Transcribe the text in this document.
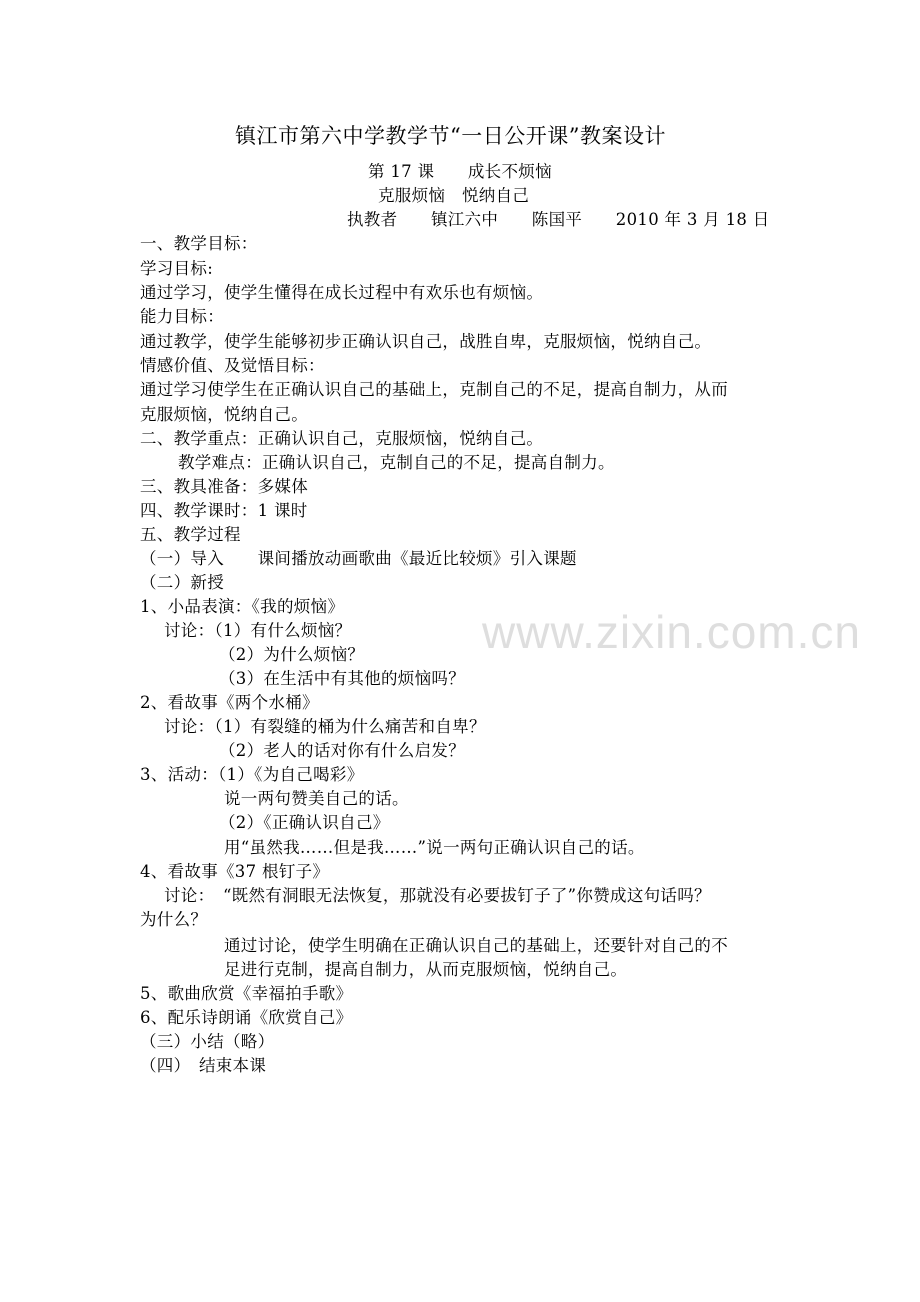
镇江市第六中学教学节“一日公开课”教案设计
第 17 课　　成长不烦恼
克服烦恼　悦纳自己
执教者　　镇江六中　　陈国平　　2010 年 3 月 18 日
一、教学目标：
学习目标:
通过学习，使学生懂得在成长过程中有欢乐也有烦恼。
能力目标：
通过教学，使学生能够初步正确认识自己，战胜自卑，克服烦恼，悦纳自己。
情感价值、及觉悟目标：
通过学习使学生在正确认识自己的基础上，克制自己的不足，提高自制力，从而
克服烦恼，悦纳自己。
二、教学重点：正确认识自己，克服烦恼，悦纳自己。
教学难点：正确认识自己，克制自己的不足，提高自制力。
三、教具准备：多媒体
四、教学课时：1 课时
五、教学过程
（一）导入　　课间播放动画歌曲《最近比较烦》引入课题
（二）新授
1、小品表演：《我的烦恼》
讨论：（1）有什么烦恼？
（2）为什么烦恼？
（3）在生活中有其他的烦恼吗？
2、看故事《两个水桶》
讨论：（1）有裂缝的桶为什么痛苦和自卑？
（2）老人的话对你有什么启发？
3、活动：（1）《为自己喝彩》
说一两句赞美自己的话。
（2）《正确认识自己》
用“虽然我……但是我……”说一两句正确认识自己的话。
4、看故事《37 根钉子》
讨论：　“既然有洞眼无法恢复，那就没有必要拔钉子了”你赞成这句话吗？
为什么？
通过讨论，使学生明确在正确认识自己的基础上，还要针对自己的不
足进行克制，提高自制力，从而克服烦恼，悦纳自己。
5、歌曲欣赏《幸福拍手歌》
6、配乐诗朗诵《欣赏自己》
（三）小结（略）
（四）　结束本课
www.zixin.com.cn
